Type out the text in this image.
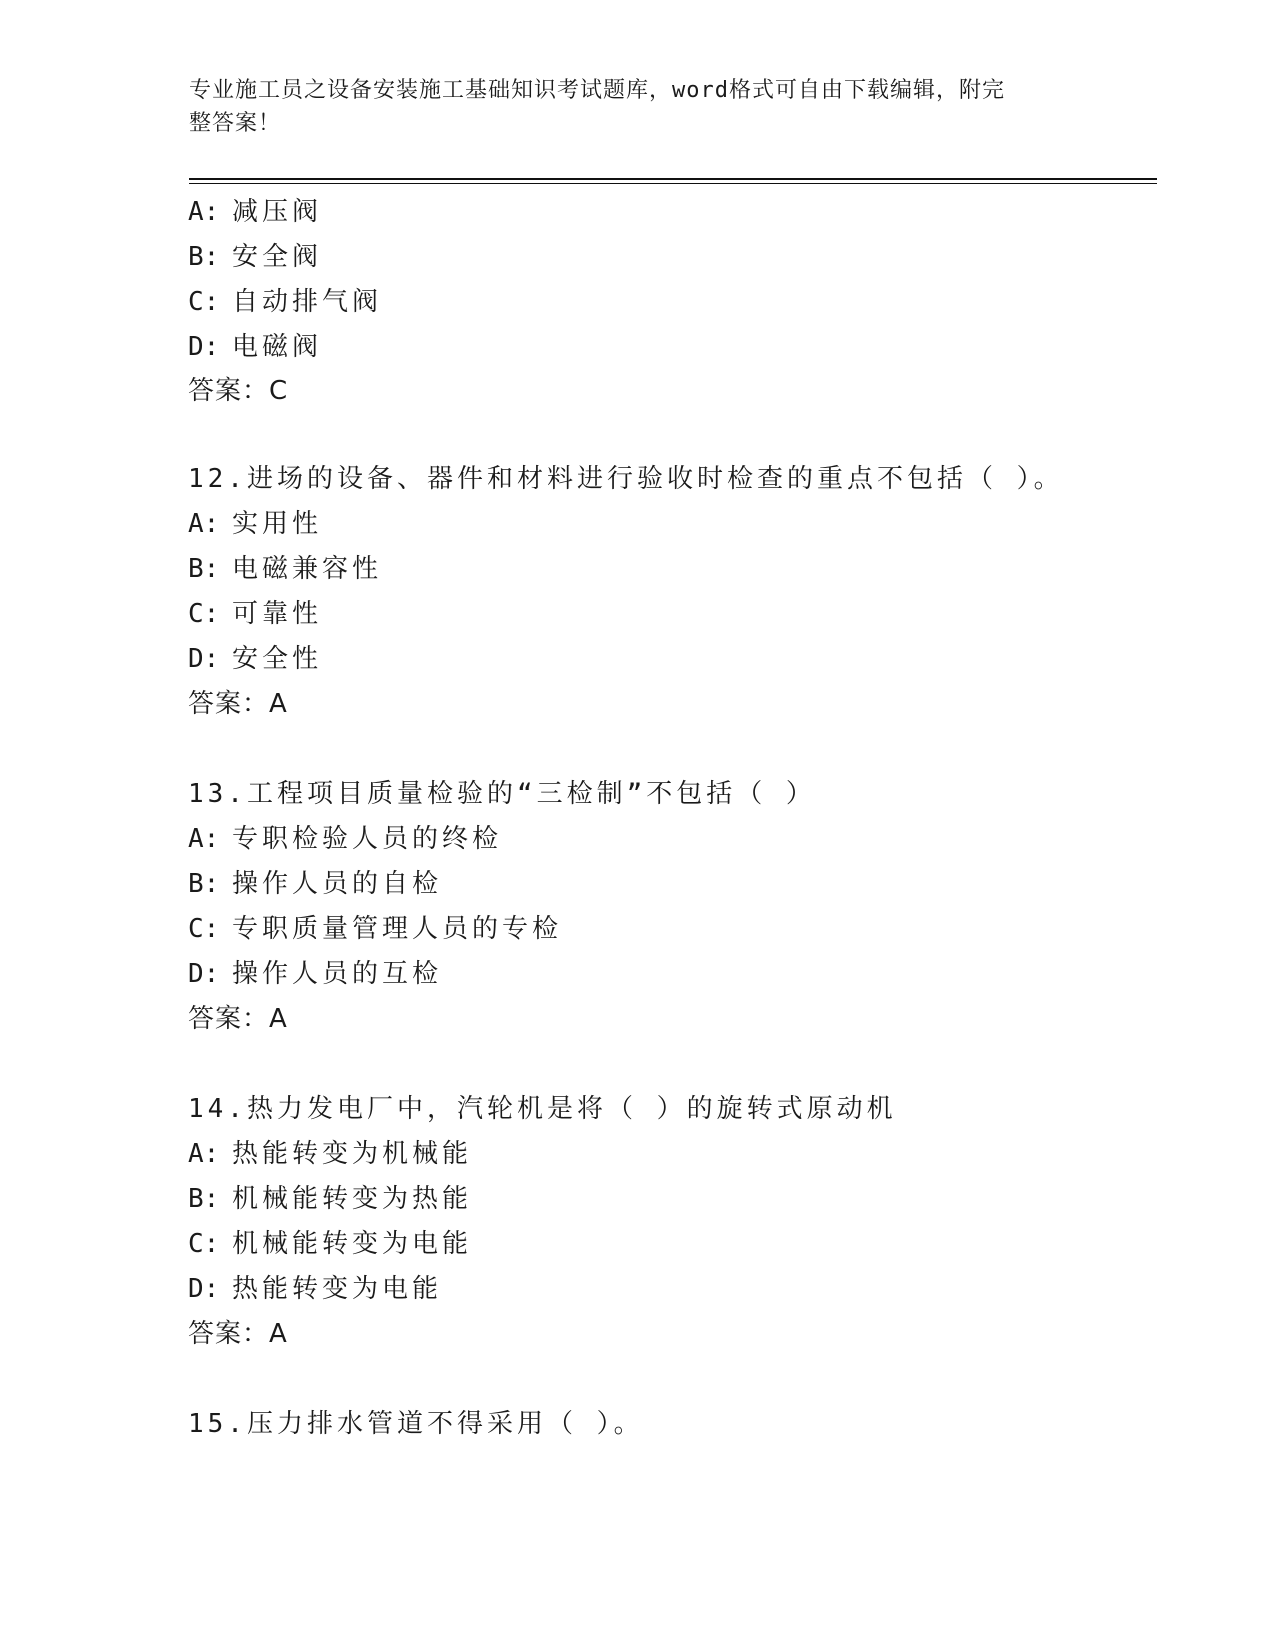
专业施工员之设备安装施工基础知识考试题库，word格式可自由下载编辑，附完
整答案！
A: 减压阀
B: 安全阀
C: 自动排气阀
D: 电磁阀
答案：C
12.进场的设备、器件和材料进行验收时检查的重点不包括（ ）。
A: 实用性
B: 电磁兼容性
C: 可靠性
D: 安全性
答案：A
13.工程项目质量检验的“三检制”不包括（ ）
A: 专职检验人员的终检
B: 操作人员的自检
C: 专职质量管理人员的专检
D: 操作人员的互检
答案：A
14.热力发电厂中，汽轮机是将（ ）的旋转式原动机
A: 热能转变为机械能
B: 机械能转变为热能
C: 机械能转变为电能
D: 热能转变为电能
答案：A
15.压力排水管道不得采用（ ）。
